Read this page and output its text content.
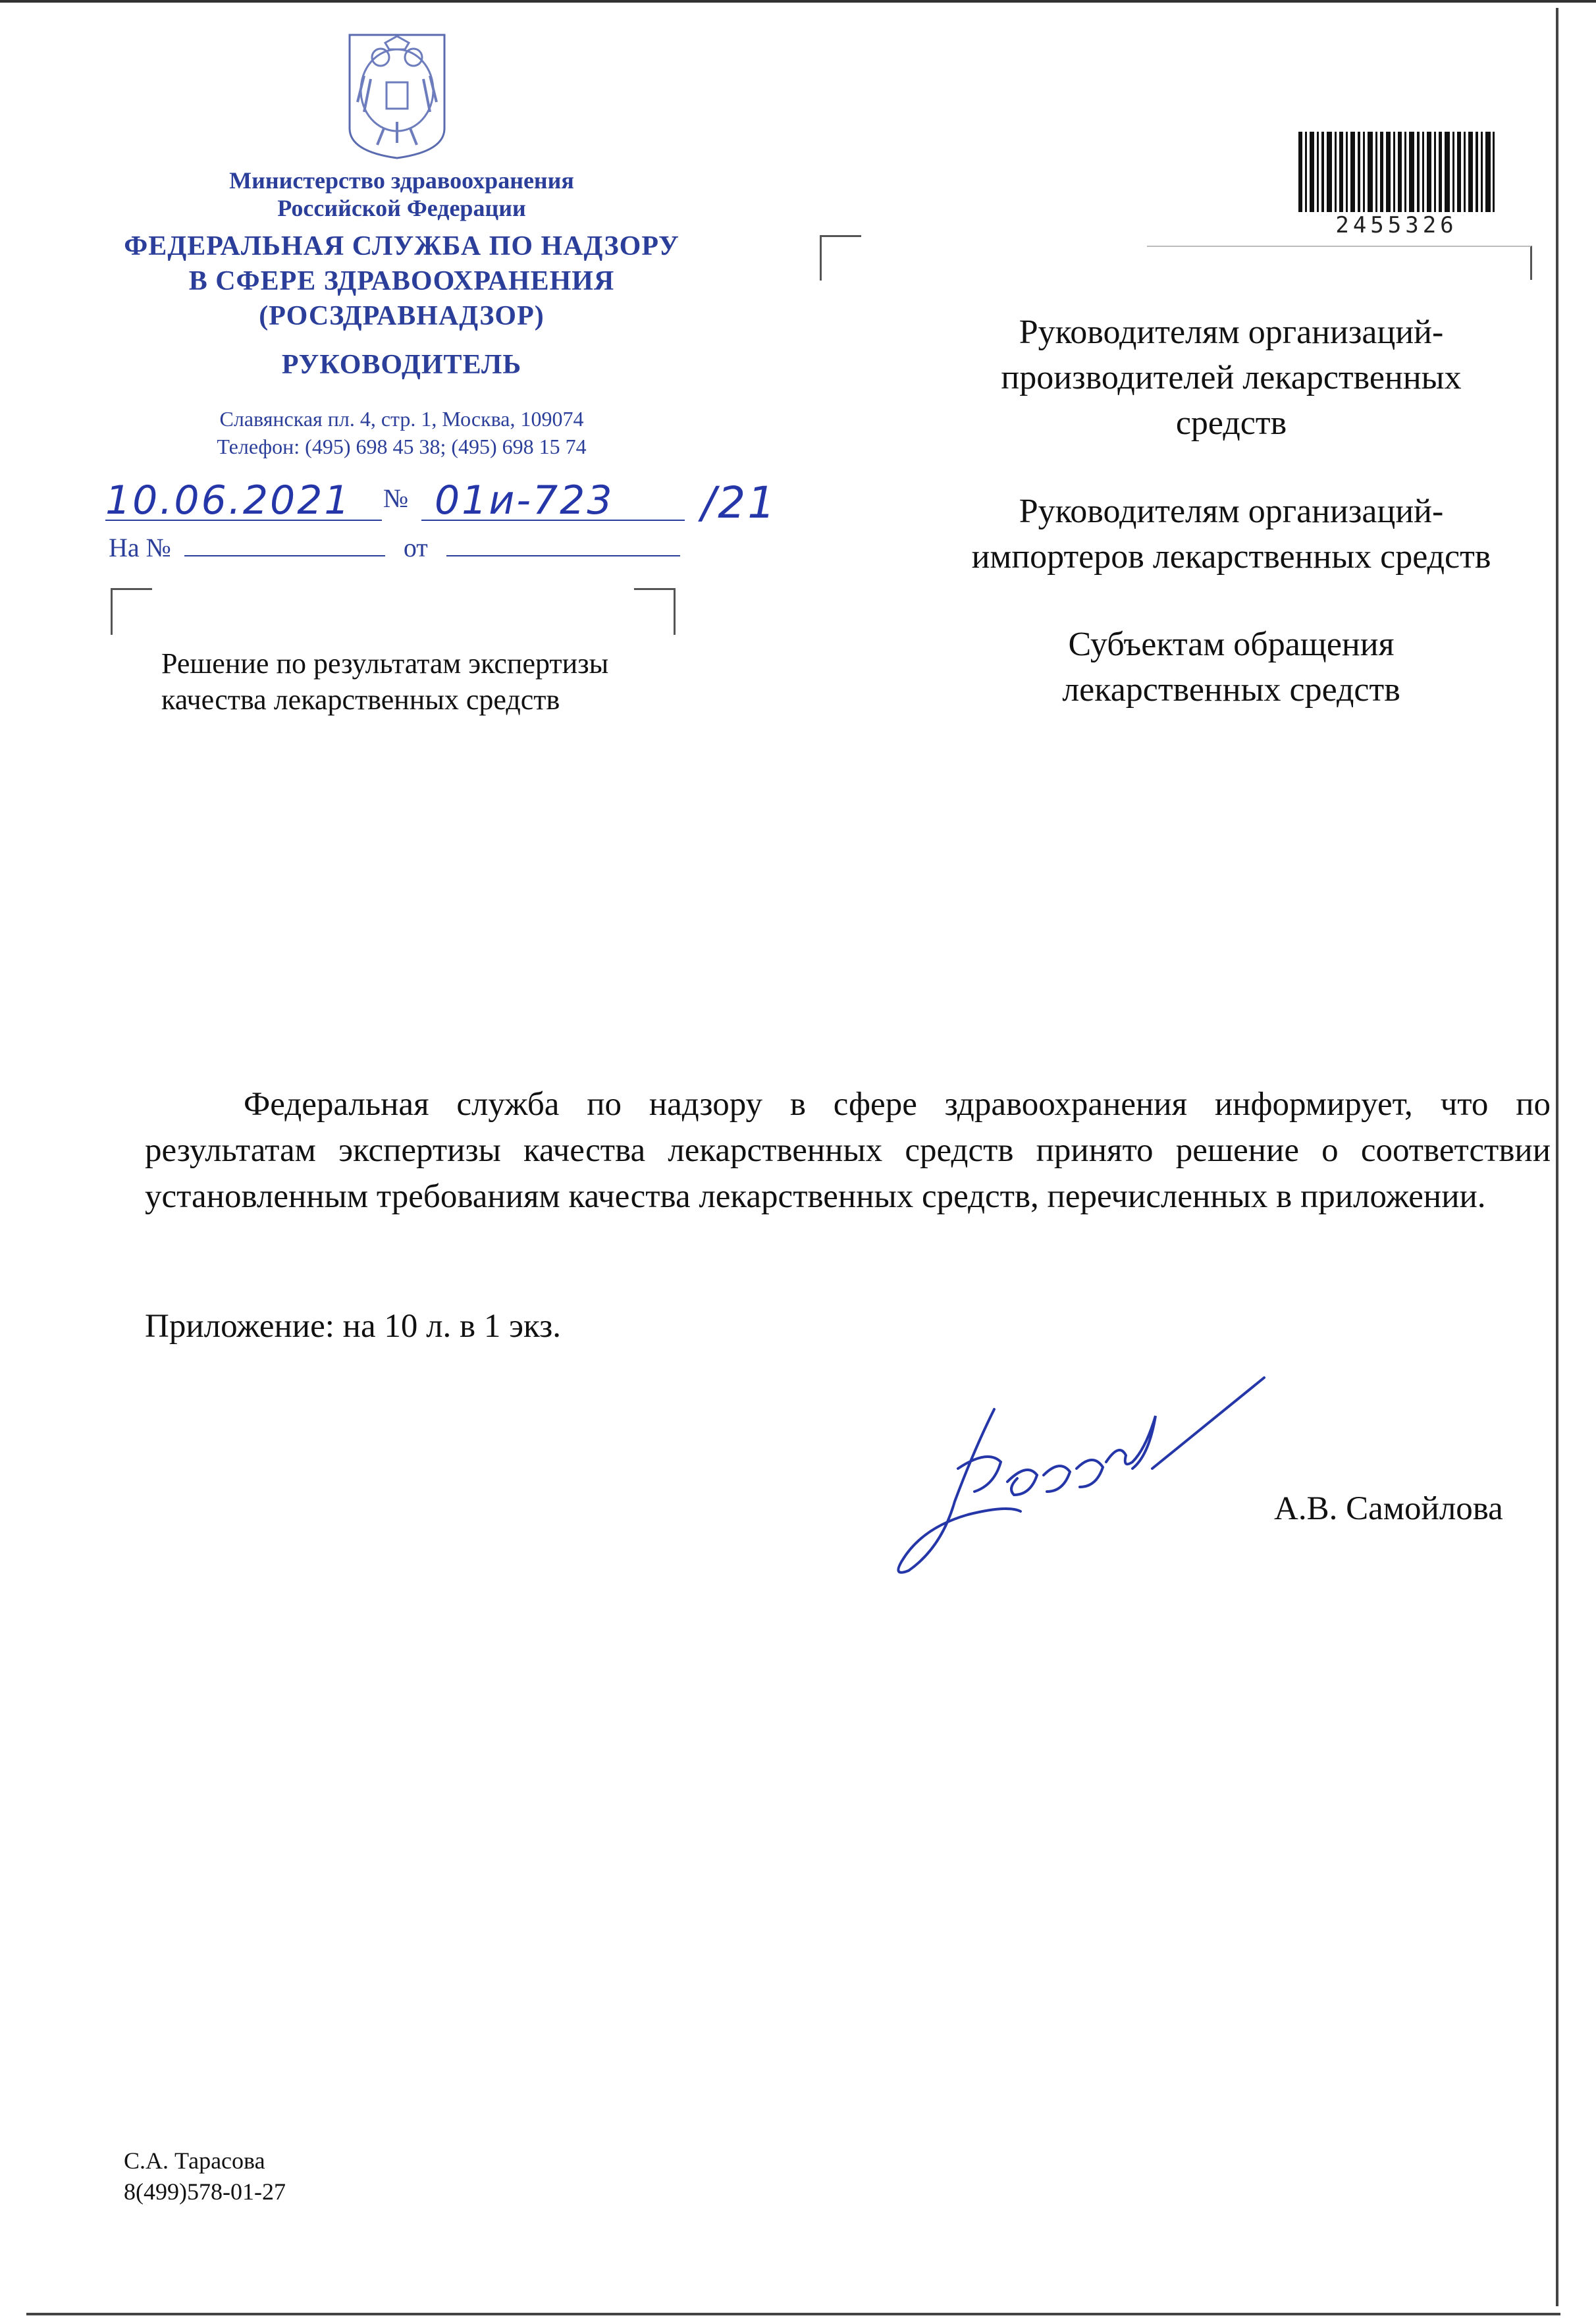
Министерство здравоохранения
Российской Федерации
ФЕДЕРАЛЬНАЯ СЛУЖБА ПО НАДЗОРУ
В СФЕРЕ ЗДРАВООХРАНЕНИЯ
(РОСЗДРАВНАДЗОР)
РУКОВОДИТЕЛЬ
Славянская пл. 4, стр. 1, Москва, 109074
Телефон: (495) 698 45 38; (495) 698 15 74
10.06.2021 № 01и-723 /21
На №	от
Решение по результатам экспертизы
качества лекарственных средств
2455326
Руководителям организаций-
производителей лекарственных
средств
Руководителям организаций-
импортеров лекарственных средств
Субъектам обращения
лекарственных средств
Федеральная служба по надзору в сфере здравоохранения информирует, что по результатам экспертизы качества лекарственных средств принято решение о соответствии установленным требованиям качества лекарственных средств, перечисленных в приложении.
Приложение: на 10 л. в 1 экз.
А.В. Самойлова
С.А. Тарасова
8(499)578-01-27
